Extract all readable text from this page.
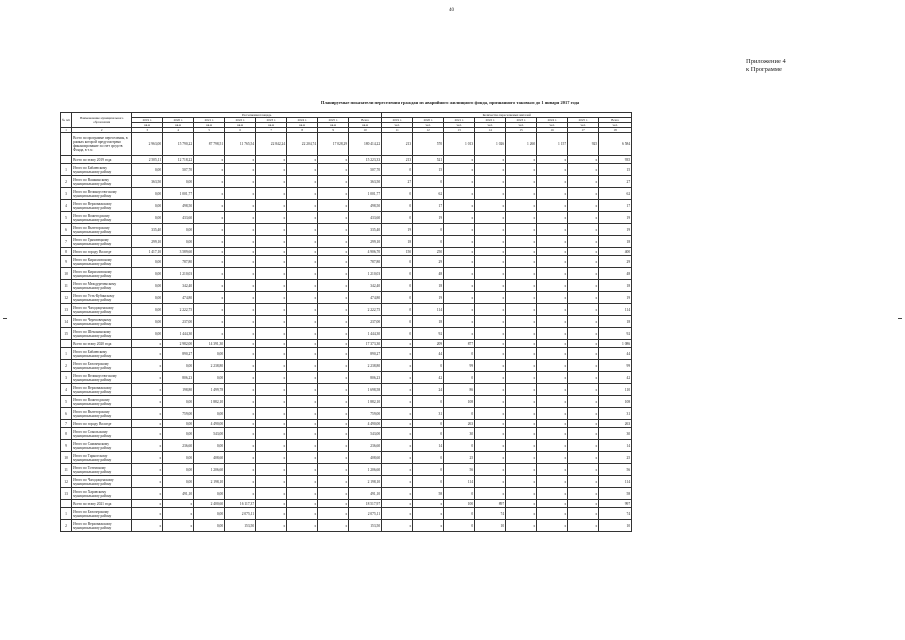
40
Приложение 4
к Программе
Планируемые показатели переселения граждан из аварийного жилищного фонда, признанного таковым до 1 января 2017 года
№ п/п	Наименование муниципального образования	Расселяемая площадь								Количество переселяемых жителей							
		2019 г.	2020 г.	2021 г.	2022 г.	2023 г.	2024 г.	2025 г.	Всего	2019 г.	2020 г.	2021 г.	2022 г.	2023 г.	2024 г.	2025 г.	Всего
		кв.м	кв.м	кв.м	кв.м	кв.м	кв.м	кв.м	кв.м	чел.	чел.	чел.	чел.	чел.	чел.	чел.	чел.
1	2	3	4	5	6	7	8	9	10	11	12	13	14	15	16	17	18
	Всего по программе переселения, в рамках которой предусмотрено финансирование за счет средств Фонда, в т.ч.:	2 963,00	15 790,22	87 798,51	11 765,54	22 842,24	22 204,74	17 028,29	180 414,22	213	570	1 013	1 026	1 260	1 157	925	6 584
	Всего по этапу 2019 года	2 505,11	12 718,22	x	x	x	x	x	15 223,33	213	521	x	x	x	x	x	935
1	Итого по Бабаевскому муниципальному району	0,00	507,70	x	x	x	x	x	507,70	0	15	x	x	x	x	x	15
2	Итого по Вашкинскому муниципальному району	363,50	0,00	x	x	x	x	x	363,50	27	0	x	x	x	x	x	27
3	Итого по Великоустюгскому муниципальному району	0,00	1 001,77	x	x	x	x	x	1 001,77	0	62	x	x	x	x	x	62
4	Итого по Верховажскому муниципальному району	0,00	498,50	x	x	x	x	x	498,50	0	17	x	x	x	x	x	17
5	Итого по Вожегодскому муниципальному району	0,00	433,60	x	x	x	x	x	433,60	0	19	x	x	x	x	x	19
6	Итого по Вытегорскому муниципальному району	335,40	0,00	x	x	x	x	x	335,40	19	0	x	x	x	x	x	19
7	Итого по Грязовецкому муниципальному району	299,10	0,00	x	x	x	x	x	299,10	18	0	x	x	x	x	x	18
8	Итого по городу Вологде	1 417,10	3 589,60	x	x	x	x	x	4 906,70	150	250	x	x	x	x	x	400
9	Итого по Кирилловскому муниципальному району	0,00	787,80	x	x	x	x	x	787,80	0	29	x	x	x	x	x	29
10	Итого по Кирилловскому муниципальному району	0,00	1 210,03	x	x	x	x	x	1 210,03	0	48	x	x	x	x	x	48
11	Итого по Междуреченскому муниципальному району	0,00	342,40	x	x	x	x	x	342,40	0	18	x	x	x	x	x	18
12	Итого по Усть-Кубинскому муниципальному району	0,00	474,80	x	x	x	x	x	474,80	0	19	x	x	x	x	x	19
13	Итого по Чагодощенскому муниципальному району	0,00	2 222,75	x	x	x	x	x	2 222,75	0	114	x	x	x	x	x	114
14	Итого по Череповецкому муниципальному району	0,00	237,00	x	x	x	x	x	237,00	0	18	x	x	x	x	x	18
15	Итого по Шекснинскому муниципальному району	0,00	1 444,30	x	x	x	x	x	1 444,30	0	92	x	x	x	x	x	92
	Всего по этапу 2020 года	x	2 982,00	14 391,30	x	x	x	x	17 373,30	x	209	877	x	x	x	x	1 086
1	Итого по Бабаевскому муниципальному району	x	890,27	0,00	x	x	x	x	890,27	x	44	0	x	x	x	x	44
2	Итого по Белозерскому муниципальному району	x	0,00	2 238,80	x	x	x	x	2 238,80	x	0	99	x	x	x	x	99
3	Итого по Великоустюгскому муниципальному району	x	806,23	0,00	x	x	x	x	806,23	x	42	0	x	x	x	x	42
4	Итого по Верховажскому муниципальному району	x	198,80	1 499,78	x	x	x	x	1 698,58	x	24	86	x	x	x	x	110
5	Итого по Вожегодскому муниципальному району	x	0,00	1 882,10	x	x	x	x	1 882,10	x	0	108	x	x	x	x	108
6	Итого по Вытегорскому муниципальному району	x	759,00	0,00	x	x	x	x	759,00	x	31	0	x	x	x	x	31
7	Итого по городу Вологде	x	0,00	4 490,00	x	x	x	x	4 490,00	x	0	263	x	x	x	x	263
8	Итого по Сокольскому муниципальному району	x	0,00	543,00	x	x	x	x	543,00	x	0	30	x	x	x	x	30
9	Итого по Сямженскому муниципальному району	x	236,60	0,00	x	x	x	x	236,60	x	14	0	x	x	x	x	14
10	Итого по Тарногскому муниципальному району	x	0,00	408,60	x	x	x	x	408,60	x	0	25	x	x	x	x	25
11	Итого по Тотемскому муниципальному району	x	0,00	1 206,60	x	x	x	x	1 206,60	x	0	56	x	x	x	x	56
12	Итого по Чагодощенскому муниципальному району	x	0,00	2 198,10	x	x	x	x	2 198,10	x	0	114	x	x	x	x	114
13	Итого по Харовскому муниципальному району	x	491,10	0,00	x	x	x	x	491,10	x	58	0	x	x	x	x	58
	Всего по этапу 2021 года	x	x	2 400,60	16 117,37	x	x	x	18 517,97	x	x	100	897	x	x	x	997
1	Итого по Белозерскому муниципальному району	x	x	0,00	2 075,11	x	x	x	2 075,11	x	x	0	74	x	x	x	74
2	Итого по Верховажскому муниципальному району	x	x	0,00	153,50	x	x	x	153,50	x	x	0	10	x	x	x	10
